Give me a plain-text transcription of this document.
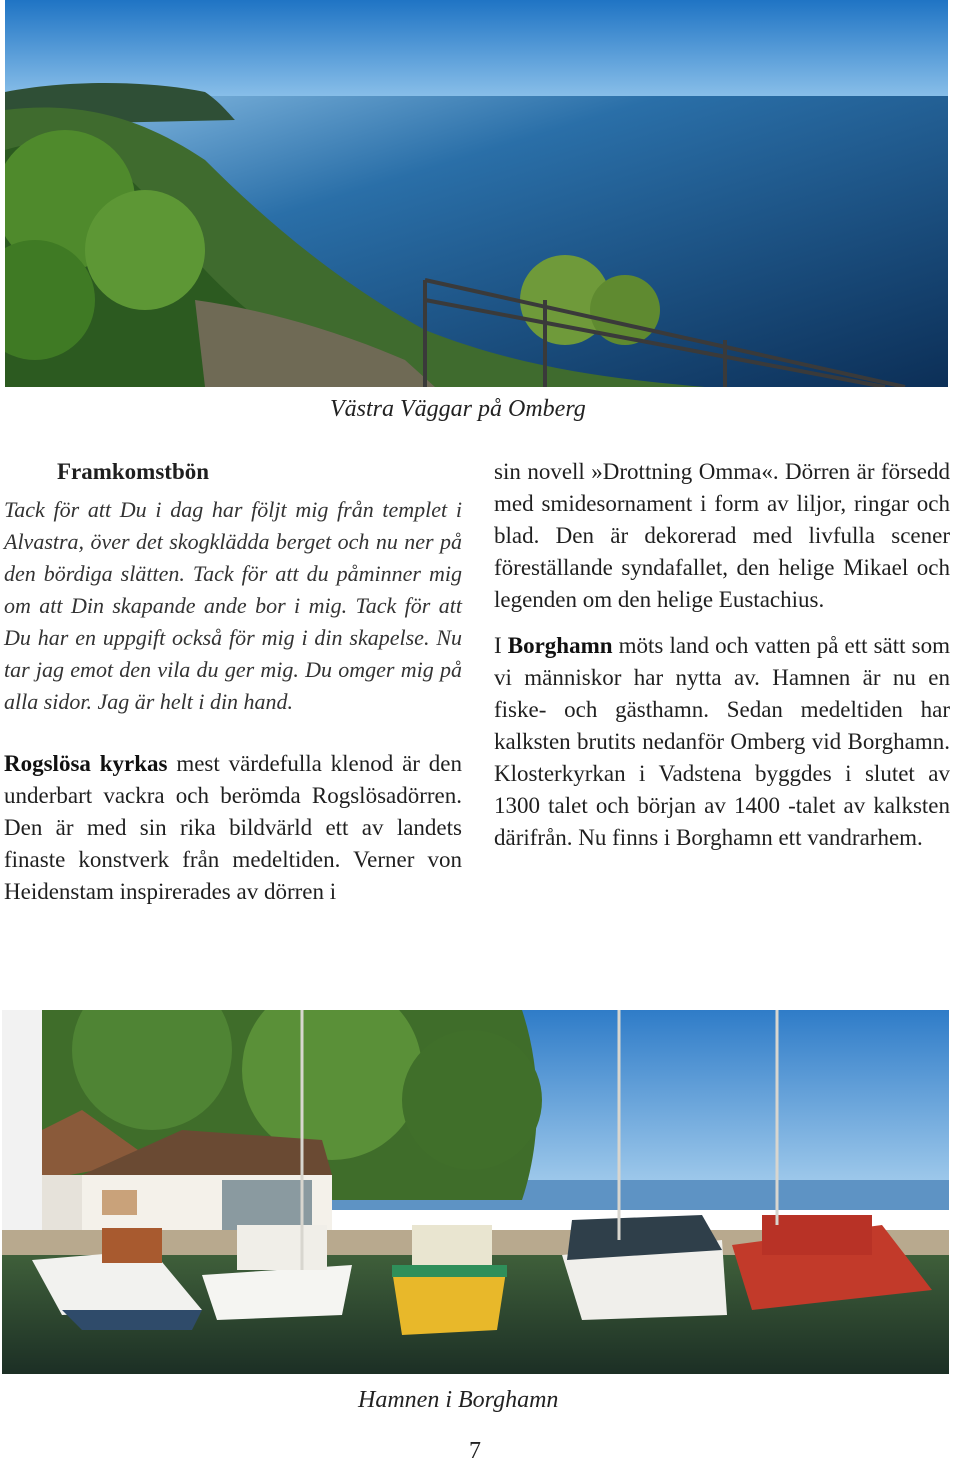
Västra Väggar på Omberg

Framkomstbön

Tack för att Du i dag har följt mig från templet i Alvastra, över det skogklädda berget och nu ner på den bördiga slätten. Tack för att du påminner mig om att Din skapande ande bor i mig. Tack för att Du har en uppgift också för mig i din skapelse. Nu tar jag emot den vila du ger mig. Du omger mig på alla sidor. Jag är helt i din hand.

Rogslösa kyrkas mest värdefulla klenod är den underbart vackra och berömda Rogslösadörren. Den är med sin rika bildvärld ett av landets finaste konstverk från medeltiden. Verner von Heidenstam inspirerades av dörren i

sin novell »Drottning Omma«. Dörren är försedd med smidesornament i form av liljor, ringar och blad. Den är dekorerad med livfulla scener föreställande syndafallet, den helige Mikael och legenden om den helige Eustachius.

I Borghamn möts land och vatten på ett sätt som vi människor har nytta av. Hamnen är nu en fiske- och gästhamn. Sedan medeltiden har kalksten brutits nedanför Omberg vid Borghamn. Klosterkyrkan i Vadstena byggdes i slutet av 1300 talet och början av 1400 -talet av kalksten därifrån. Nu finns i Borghamn ett vandrarhem.

Hamnen i Borghamn
7
